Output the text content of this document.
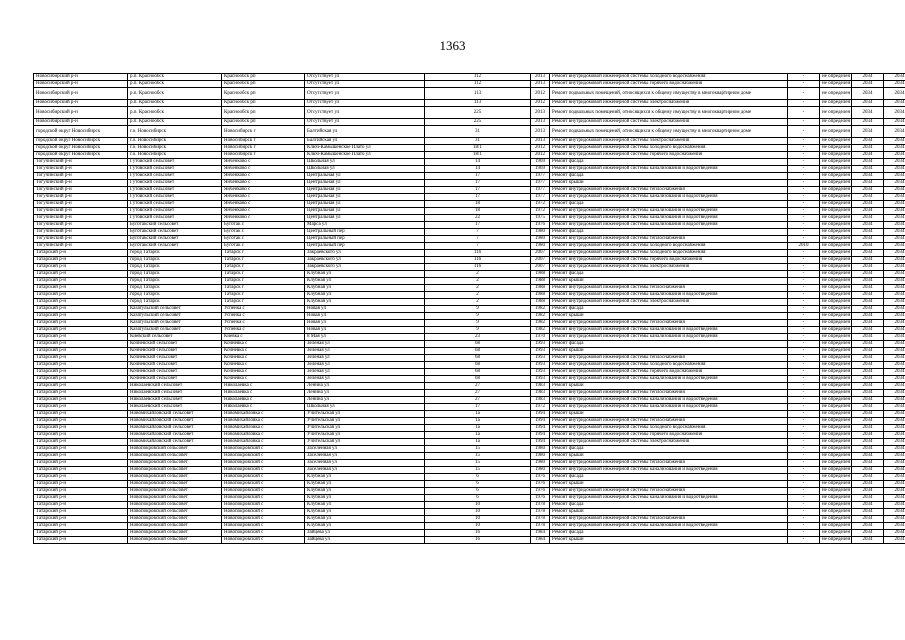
1363
Новосибирский р-н	р.п. Краснообск	Краснообск рп	Отсутствует ул	112	2013	Ремонт внутридомовой инженерной системы холодного водоснабжения	-	не определен	2034	2034
Новосибирский р-н	р.п. Краснообск	Краснообск рп	Отсутствует ул	112	2013	Ремонт внутридомовой инженерной системы горячего водоснабжения	-	не определен	2034	2034
Новосибирский р-н	р.п. Краснообск	Краснообск рп	Отсутствует ул	113	2012	Ремонт подвальных помещений, относящихся к общему имуществу в многоквартирном доме	-	не определен	2034	2034
Новосибирский р-н	р.п. Краснообск	Краснообск рп	Отсутствует ул	113	2012	Ремонт внутридомовой инженерной системы электроснабжения	-	не определен	2034	2034
Новосибирский р-н	р.п. Краснообск	Краснообск рп	Отсутствует ул	225	2013	Ремонт подвальных помещений, относящихся к общему имуществу в многоквартирном доме	-	не определен	2034	2034
Новосибирский р-н	р.п. Краснообск	Краснообск рп	Отсутствует ул	225	2013	Ремонт внутридомовой инженерной системы электроснабжения	-	не определен	2034	2034
городской округ Новосибирск	г.о. Новосибирск	Новосибирск г	Балтийская ул	31	2013	Ремонт подвальных помещений, относящихся к общему имуществу в многоквартирном доме	-	не определен	2034	2034
городской округ Новосибирск	г.о. Новосибирск	Новосибирск г	Балтийская ул	31	2013	Ремонт внутридомовой инженерной системы электроснабжения	-	не определен	2034	2034
городской округ Новосибирск	г.о. Новосибирск	Новосибирск г	Ключ-Камышенское Плато ул	18/1	2012	Ремонт внутридомовой инженерной системы холодного водоснабжения	-	не определен	2034	2034
городской округ Новосибирск	г.о. Новосибирск	Новосибирск г	Ключ-Камышенское Плато ул	18/1	2012	Ремонт внутридомовой инженерной системы горячего водоснабжения	-	не определен	2034	2034
Тогучинский р-н	Гутовский сельсовет	Янченково с	Школьная ул	14	1969	Ремонт фасада	-	не определен	2034	2034
Тогучинский р-н	Гутовский сельсовет	Янченково с	Школьная ул	14	1969	Ремонт внутридомовой инженерной системы канализования и водоотведения	-	не определен	2034	2034
Тогучинский р-н	Гутовский сельсовет	Янченково с	Центральная ул	17	1977	Ремонт фасада	-	не определен	2034	2034
Тогучинский р-н	Гутовский сельсовет	Янченково с	Центральная ул	17	1977	Ремонт крыши	-	не определен	2034	2034
Тогучинский р-н	Гутовский сельсовет	Янченково с	Центральная ул	17	1977	Ремонт внутридомовой инженерной системы теплоснабжения	-	не определен	2034	2034
Тогучинский р-н	Гутовский сельсовет	Янченково с	Центральная ул	17	1977	Ремонт внутридомовой инженерной системы канализования и водоотведения	-	не определен	2034	2034
Тогучинский р-н	Гутовский сельсовет	Янченково с	Центральная ул	18	1972	Ремонт фасада	-	не определен	2034	2034
Тогучинский р-н	Гутовский сельсовет	Янченково с	Центральная ул	18	1972	Ремонт внутридомовой инженерной системы канализования и водоотведения	-	не определен	2034	2034
Тогучинский р-н	Гутовский сельсовет	Янченково с	Центральная ул	22	1975	Ремонт внутридомовой инженерной системы канализования и водоотведения	-	не определен	2034	2034
Тогучинский р-н	Буготакский сельсовет	Буготак с	Марса ул	17	1976	Ремонт внутридомовой инженерной системы канализования и водоотведения	-	не определен	2034	2034
Тогучинский р-н	Буготакский сельсовет	Буготак с	Центральный пер	7	1980	Ремонт фасада	-	не определен	2034	2034
Тогучинский р-н	Буготакский сельсовет	Буготак с	Центральный пер	7	1980	Ремонт внутридомовой инженерной системы теплоснабжения	-	не определен	2034	2034
Тогучинский р-н	Буготакский сельсовет	Буготак с	Центральный пер	7	1980	Ремонт внутридомовой инженерной системы холодного водоснабжения	2010	не определен	2034	2034
Татарский р-н	город Татарск	Татарск г	Закраевского ул	116	2007	Ремонт внутридомовой инженерной системы холодного водоснабжения	-	не определен	2034	2034
Татарский р-н	город Татарск	Татарск г	Закраевского ул	116	2007	Ремонт внутридомовой инженерной системы горячего водоснабжения	-	не определен	2034	2034
Татарский р-н	город Татарск	Татарск г	Закраевского ул	116	2007	Ремонт внутридомовой инженерной системы электроснабжения	-	не определен	2034	2034
Татарский р-н	город Татарск	Татарск г	Клубная ул	2	1988	Ремонт фасада	-	не определен	2034	2034
Татарский р-н	город Татарск	Татарск г	Клубная ул	2	1988	Ремонт крыши	-	не определен	2034	2034
Татарский р-н	город Татарск	Татарск г	Клубная ул	2	1988	Ремонт внутридомовой инженерной системы теплоснабжения	-	не определен	2034	2034
Татарский р-н	город Татарск	Татарск г	Клубная ул	2	1988	Ремонт внутридомовой инженерной системы канализования и водоотведения	-	не определен	2034	2034
Татарский р-н	город Татарск	Татарск г	Клубная ул	2	1988	Ремонт внутридомовой инженерной системы электроснабжения	-	не определен	2034	2034
Татарский р-н	Казатульский сельсовет	Успенка с	Новая ул	9	1982	Ремонт фасада	-	не определен	2034	2034
Татарский р-н	Казатульский сельсовет	Успенка с	Новая ул	9	1982	Ремонт крыши	-	не определен	2034	2034
Татарский р-н	Казатульский сельсовет	Успенка с	Новая ул	9	1982	Ремонт внутридомовой инженерной системы теплоснабжения	-	не определен	2034	2034
Татарский р-н	Казатульский сельсовет	Успенка с	Новая ул	9	1982	Ремонт внутридомовой инженерной системы канализования и водоотведения	-	не определен	2034	2034
Татарский р-н	Киевский сельсовет	Киевка с	8 Мая ул	23	1970	Ремонт внутридомовой инженерной системы канализования и водоотведения	-	не определен	2034	2034
Татарский р-н	Кочневский сельсовет	Кочневка с	Зеленая ул	68	1993	Ремонт фасада	-	не определен	2034	2034
Татарский р-н	Кочневский сельсовет	Кочневка с	Зеленая ул	68	1993	Ремонт крыши	-	не определен	2034	2034
Татарский р-н	Кочневский сельсовет	Кочневка с	Зеленая ул	68	1993	Ремонт внутридомовой инженерной системы теплоснабжения	-	не определен	2034	2034
Татарский р-н	Кочневский сельсовет	Кочневка с	Зеленая ул	68	1993	Ремонт внутридомовой инженерной системы холодного водоснабжения	-	не определен	2034	2034
Татарский р-н	Кочневский сельсовет	Кочневка с	Зеленая ул	68	1993	Ремонт внутридомовой инженерной системы горячего водоснабжения	-	не определен	2034	2034
Татарский р-н	Кочневский сельсовет	Кочневка с	Зеленая ул	68	1993	Ремонт внутридомовой инженерной системы канализования и водоотведения	-	не определен	2034	2034
Татарский р-н	Николаевский сельсовет	Николаевка с	Ленина ул	27	1983	Ремонт крыши	-	не определен	2034	2034
Татарский р-н	Николаевский сельсовет	Николаевка с	Ленина ул	27	1983	Ремонт внутридомовой инженерной системы теплоснабжения	-	не определен	2034	2034
Татарский р-н	Николаевский сельсовет	Николаевка с	Ленина ул	27	1983	Ремонт внутридомовой инженерной системы канализования и водоотведения	-	не определен	2034	2034
Татарский р-н	Николаевский сельсовет	Николаевка с	Школьная ул	17	1972	Ремонт внутридомовой инженерной системы канализования и водоотведения	-	не определен	2034	2034
Татарский р-н	Новомихайловский сельсовет	Новомихайловка с	Учительская ул	1а	1994	Ремонт крыши	-	не определен	2034	2034
Татарский р-н	Новомихайловский сельсовет	Новомихайловка с	Учительская ул	1а	1994	Ремонт внутридомовой инженерной системы теплоснабжения	-	не определен	2034	2034
Татарский р-н	Новомихайловский сельсовет	Новомихайловка с	Учительская ул	1а	1994	Ремонт внутридомовой инженерной системы холодного водоснабжения	-	не определен	2034	2034
Татарский р-н	Новомихайловский сельсовет	Новомихайловка с	Учительская ул	1а	1994	Ремонт внутридомовой инженерной системы горячего водоснабжения	-	не определен	2034	2034
Татарский р-н	Новомихайловский сельсовет	Новомихайловка с	Учительская ул	1а	1994	Ремонт внутридомовой инженерной системы электроснабжения	-	не определен	2034	2034
Татарский р-н	Новопокровский сельсовет	Новопокровский с	Заселенная ул	15	1980	Ремонт фасада	-	не определен	2034	2034
Татарский р-н	Новопокровский сельсовет	Новопокровский с	Заселенная ул	15	1980	Ремонт крыши	-	не определен	2034	2034
Татарский р-н	Новопокровский сельсовет	Новопокровский с	Заселенная ул	15	1980	Ремонт внутридомовой инженерной системы теплоснабжения	-	не определен	2034	2034
Татарский р-н	Новопокровский сельсовет	Новопокровский с	Заселенная ул	15	1980	Ремонт внутридомовой инженерной системы канализования и водоотведения	-	не определен	2034	2034
Татарский р-н	Новопокровский сельсовет	Новопокровский с	Клубная ул	6	1976	Ремонт фасада	-	не определен	2034	2034
Татарский р-н	Новопокровский сельсовет	Новопокровский с	Клубная ул	6	1976	Ремонт крыши	-	не определен	2034	2034
Татарский р-н	Новопокровский сельсовет	Новопокровский с	Клубная ул	6	1976	Ремонт внутридомовой инженерной системы теплоснабжения	-	не определен	2034	2034
Татарский р-н	Новопокровский сельсовет	Новопокровский с	Клубная ул	6	1976	Ремонт внутридомовой инженерной системы канализования и водоотведения	-	не определен	2034	2034
Татарский р-н	Новопокровский сельсовет	Новопокровский с	Клубная ул	10	1978	Ремонт фасада	-	не определен	2034	2034
Татарский р-н	Новопокровский сельсовет	Новопокровский с	Клубная ул	10	1978	Ремонт крыши	-	не определен	2034	2034
Татарский р-н	Новопокровский сельсовет	Новопокровский с	Клубная ул	10	1978	Ремонт внутридомовой инженерной системы теплоснабжения	-	не определен	2034	2034
Татарский р-н	Новопокровский сельсовет	Новопокровский с	Клубная ул	10	1978	Ремонт внутридомовой инженерной системы канализования и водоотведения	-	не определен	2034	2034
Татарский р-н	Новопокровский сельсовет	Новопокровский с	Зайцева ул	16	1984	Ремонт фасада	-	не определен	2034	2034
Татарский р-н	Новопокровский сельсовет	Новопокровский с	Зайцева ул	16	1984	Ремонт крыши	-	не определен	2034	2034
